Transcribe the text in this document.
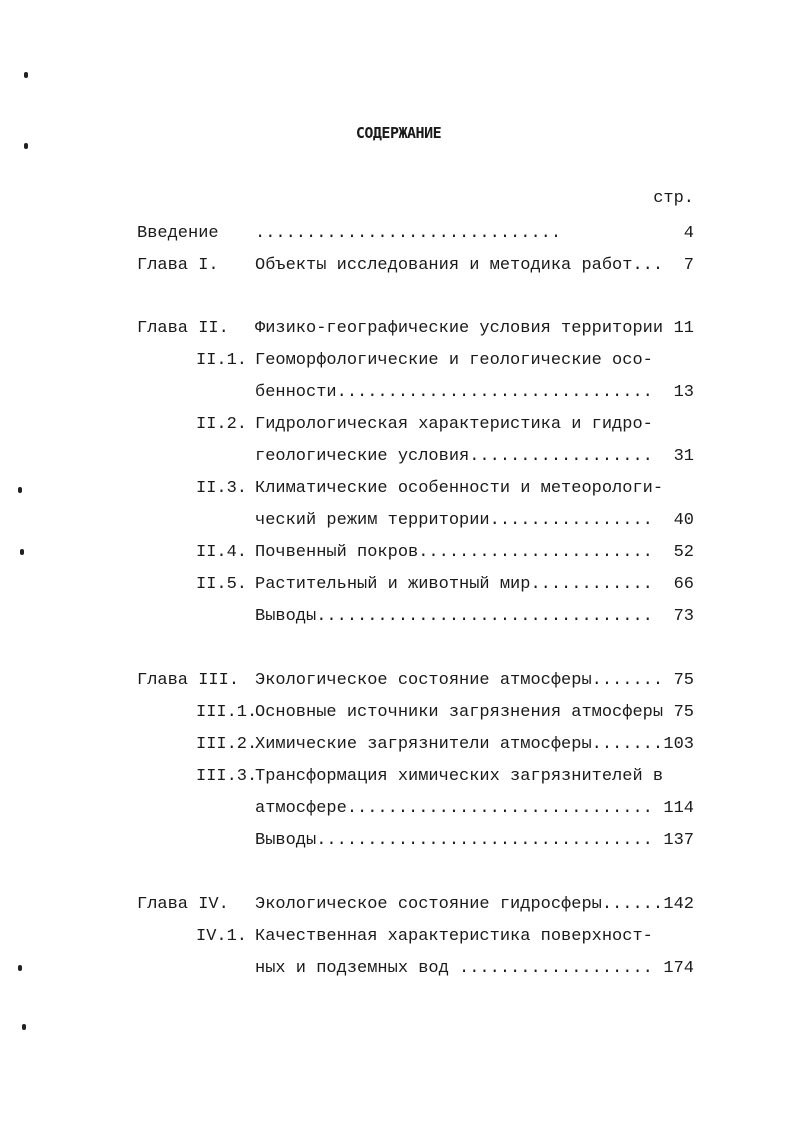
СОДЕРЖАНИЕ
стр.
Введение ..............................	4
Глава I. Объекты исследования и методика работ... 7
Глава II. Физико-географические условия территории 11
II.1. Геоморфологические и геологические осо-
бенности............................... 13
II.2. Гидрологическая характеристика и гидро-
геологические условия.................. 31
II.3. Климатические особенности и метеорологи-
ческий режим территории................ 40
II.4. Почвенный покров....................... 52
II.5. Растительный и животный мир............ 66
Выводы................................. 73
Глава III. Экологическое состояние атмосферы....... 75
III.1.
Основные источники загрязнения атмосферы 75
III.2.
Химические загрязнители атмосферы....... 103
III.3.
Трансформация химических загрязнителей в
атмосфере.............................. 114
Выводы................................. 137
Глава IV. Экологическое состояние гидросферы...... 142
IV.1. Качественная характеристика поверхност-
ных и подземных вод ................... 174
